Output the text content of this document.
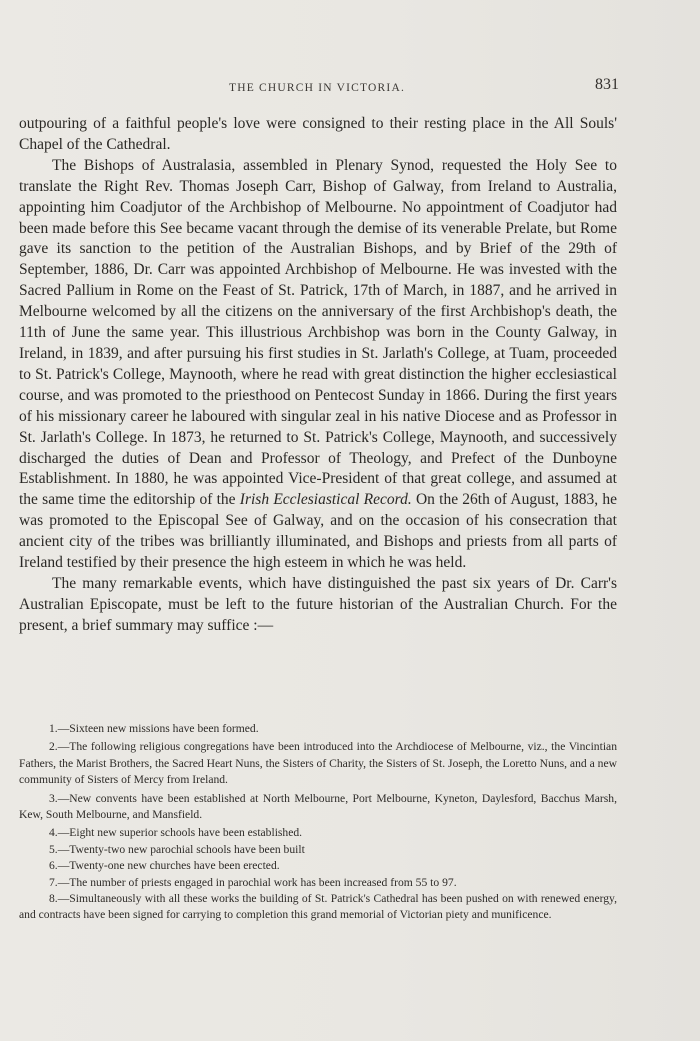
THE CHURCH IN VICTORIA.	831

outpouring of a faithful people's love were consigned to their resting place in the All Souls' Chapel of the Cathedral.

The Bishops of Australasia, assembled in Plenary Synod, requested the Holy See to translate the Right Rev. Thomas Joseph Carr, Bishop of Galway, from Ireland to Australia, appointing him Coadjutor of the Archbishop of Melbourne. No appointment of Coadjutor had been made before this See became vacant through the demise of its venerable Prelate, but Rome gave its sanction to the petition of the Australian Bishops, and by Brief of the 29th of September, 1886, Dr. Carr was appointed Archbishop of Melbourne. He was invested with the Sacred Pallium in Rome on the Feast of St. Patrick, 17th of March, in 1887, and he arrived in Melbourne welcomed by all the citizens on the anniversary of the first Archbishop's death, the 11th of June the same year. This illustrious Archbishop was born in the County Galway, in Ireland, in 1839, and after pursuing his first studies in St. Jarlath's College, at Tuam, proceeded to St. Patrick's College, Maynooth, where he read with great distinction the higher ecclesiastical course, and was promoted to the priesthood on Pentecost Sunday in 1866. During the first years of his missionary career he laboured with singular zeal in his native Diocese and as Professor in St. Jarlath's College. In 1873, he returned to St. Patrick's College, Maynooth, and successively discharged the duties of Dean and Professor of Theology, and Prefect of the Dunboyne Establishment. In 1880, he was appointed Vice-President of that great college, and assumed at the same time the editorship of the Irish Ecclesiastical Record. On the 26th of August, 1883, he was promoted to the Episcopal See of Galway, and on the occasion of his consecration that ancient city of the tribes was brilliantly illuminated, and Bishops and priests from all parts of Ireland testified by their presence the high esteem in which he was held.

The many remarkable events, which have distinguished the past six years of Dr. Carr's Australian Episcopate, must be left to the future historian of the Australian Church. For the present, a brief summary may suffice :—

1.—Sixteen new missions have been formed.

2.—The following religious congregations have been introduced into the Archdiocese of Melbourne, viz., the Vincintian Fathers, the Marist Brothers, the Sacred Heart Nuns, the Sisters of Charity, the Sisters of St. Joseph, the Loretto Nuns, and a new community of Sisters of Mercy from Ireland.

3.—New convents have been established at North Melbourne, Port Melbourne, Kyneton, Daylesford, Bacchus Marsh, Kew, South Melbourne, and Mansfield.

4.—Eight new superior schools have been established.

5.—Twenty-two new parochial schools have been built

6.—Twenty-one new churches have been erected.

7.—The number of priests engaged in parochial work has been increased from 55 to 97.

8.—Simultaneously with all these works the building of St. Patrick's Cathedral has been pushed on with renewed energy, and contracts have been signed for carrying to completion this grand memorial of Victorian piety and munificence.
